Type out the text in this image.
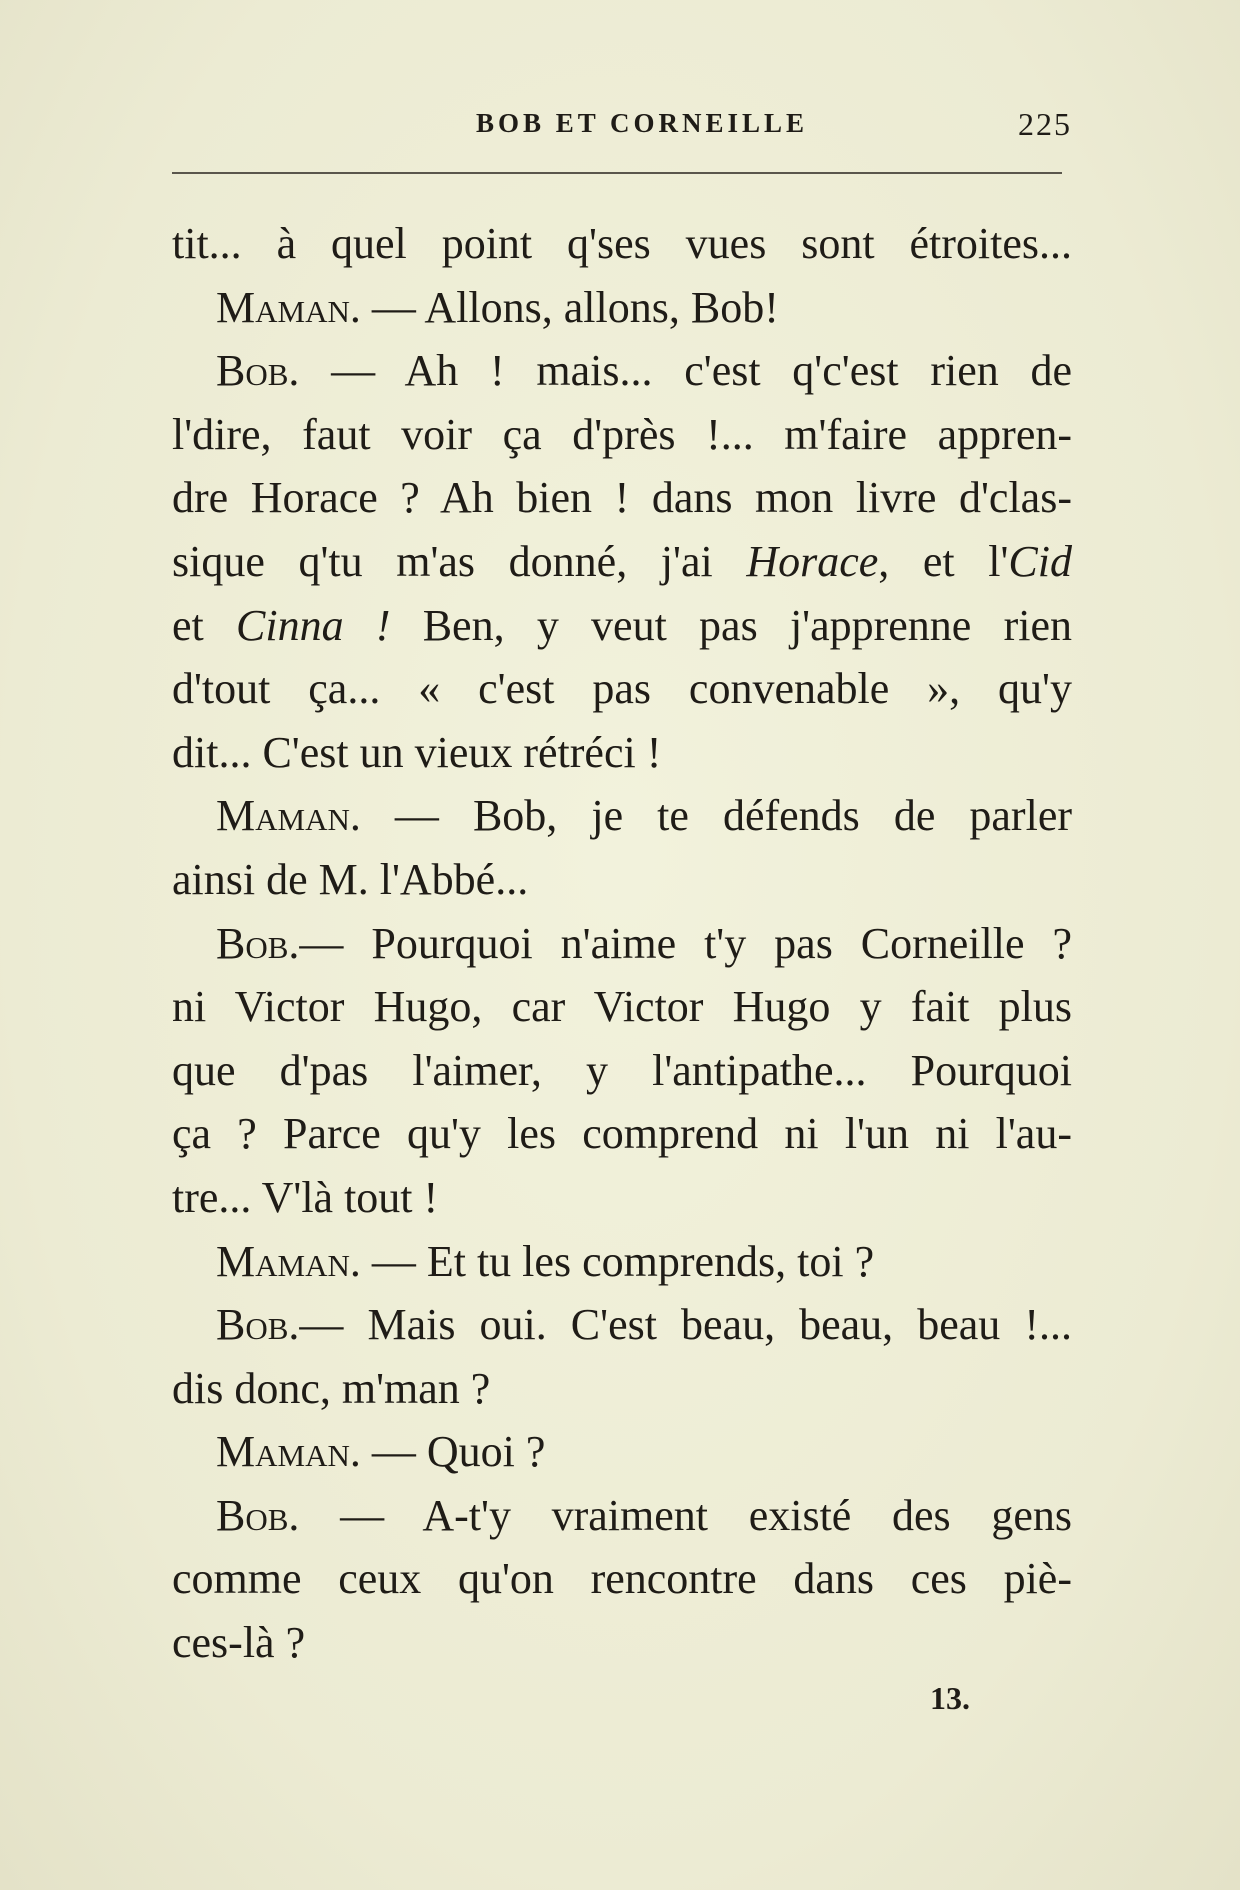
BOB ET CORNEILLE	225
tit... à quel point q'ses vues sont étroites...
Maman. — Allons, allons, Bob!
Bob. — Ah ! mais... c'est q'c'est rien de
l'dire, faut voir ça d'près !... m'faire appren-
dre Horace ? Ah bien ! dans mon livre d'clas-
sique q'tu m'as donné, j'ai Horace, et l'Cid
et Cinna ! Ben, y veut pas j'apprenne rien
d'tout ça... « c'est pas convenable », qu'y
dit... C'est un vieux rétréci !
Maman. — Bob, je te défends de parler
ainsi de M. l'Abbé...
Bob.— Pourquoi n'aime t'y pas Corneille ?
ni Victor Hugo, car Victor Hugo y fait plus
que d'pas l'aimer, y l'antipathe... Pourquoi
ça ? Parce qu'y les comprend ni l'un ni l'au-
tre... V'là tout !
Maman. — Et tu les comprends, toi ?
Bob.— Mais oui. C'est beau, beau, beau !...
dis donc, m'man ?
Maman. — Quoi ?
Bob. — A-t'y vraiment existé des gens
comme ceux qu'on rencontre dans ces piè-
ces-là ?
13.
